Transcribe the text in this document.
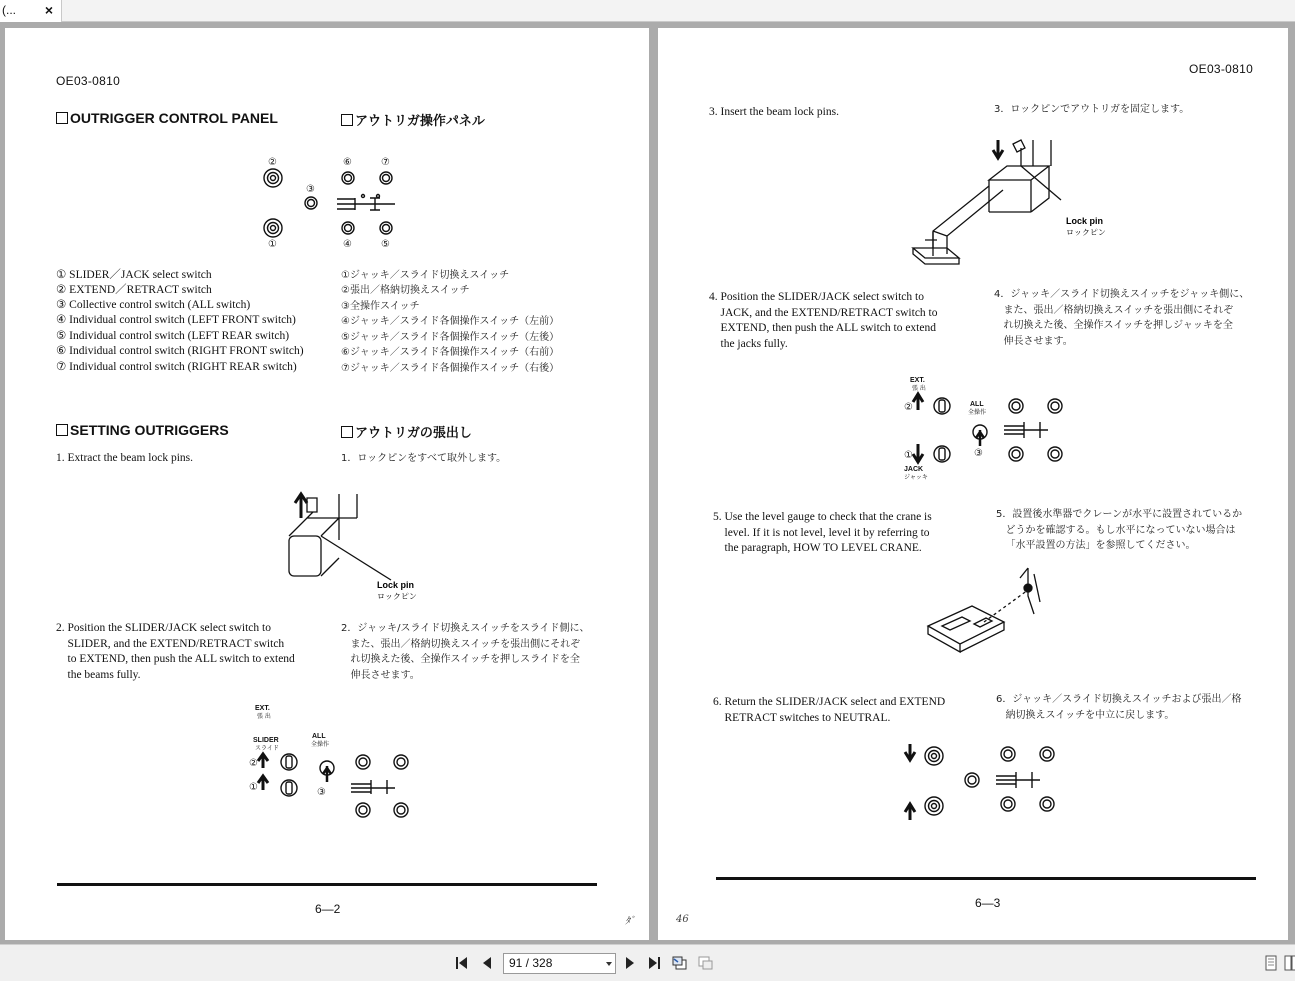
(... ×
OE03-0810
OUTRIGGER CONTROL PANEL	アウトリガ操作パネル
②
①
③
⑥	⑦
④	⑤
① SLIDER／JACK select switch
② EXTEND／RETRACT switch
③ Collective control switch (ALL switch)
④ Individual control switch (LEFT FRONT switch)
⑤ Individual control switch (LEFT REAR switch)
⑥ Individual control switch (RIGHT FRONT switch)
⑦ Individual control switch (RIGHT REAR switch)
①ジャッキ／スライド切換えスイッチ
②張出／格納切換えスイッチ
③全操作スイッチ
④ジャッキ／スライド各個操作スイッチ（左前）
⑤ジャッキ／スライド各個操作スイッチ（左後）
⑥ジャッキ／スライド各個操作スイッチ（右前）
⑦ジャッキ／スライド各個操作スイッチ（右後）
SETTING OUTRIGGERS	アウトリガの張出し
1. Extract the beam lock pins.	1．ロックピンをすべて取外します。
Lock pin
ロックピン
2. Position the SLIDER/JACK select switch to
SLIDER, and the EXTEND/RETRACT switch
to EXTEND, then push the ALL switch to extend
the beams fully.
2．ジャッキ/スライド切換えスイッチをスライド側に、
また、張出／格納切換えスイッチを張出側にそれぞ
れ切換えた後、全操作スイッチを押しスライドを全
伸長させます。
EXT.
SLIDER
ALL
張 出
スライド
全操作
②
①	③
6—2
ﾀﾞ
OE03-0810
3. Insert the beam lock pins.	3．ロックピンでアウトリガを固定します。
Lock pin
ロックピン
4. Position the SLIDER/JACK select switch to
JACK, and the EXTEND/RETRACT switch to
EXTEND, then push the ALL switch to extend
the jacks fully.
4．ジャッキ／スライド切換えスイッチをジャッキ側に、
また、張出／格納切換えスイッチを張出側にそれぞ
れ切換えた後、全操作スイッチを押しジャッキを全
伸長させます。
EXT.
JACK
ALL
張 出
ジャッキ
全操作
②
①	③
5. Use the level gauge to check that the crane is
level. If it is not level, level it by referring to
the paragraph, HOW TO LEVEL CRANE.
5．設置後水準器でクレーンが水平に設置されているか
どうかを確認する。もし水平になっていない場合は
「水平設置の方法」を参照してください。
6. Return the SLIDER/JACK select and EXTEND
RETRACT switches to NEUTRAL.
6．ジャッキ／スライド切換えスイッチおよび張出／格
納切換えスイッチを中立に戻します。
6—3
46
91 / 328
